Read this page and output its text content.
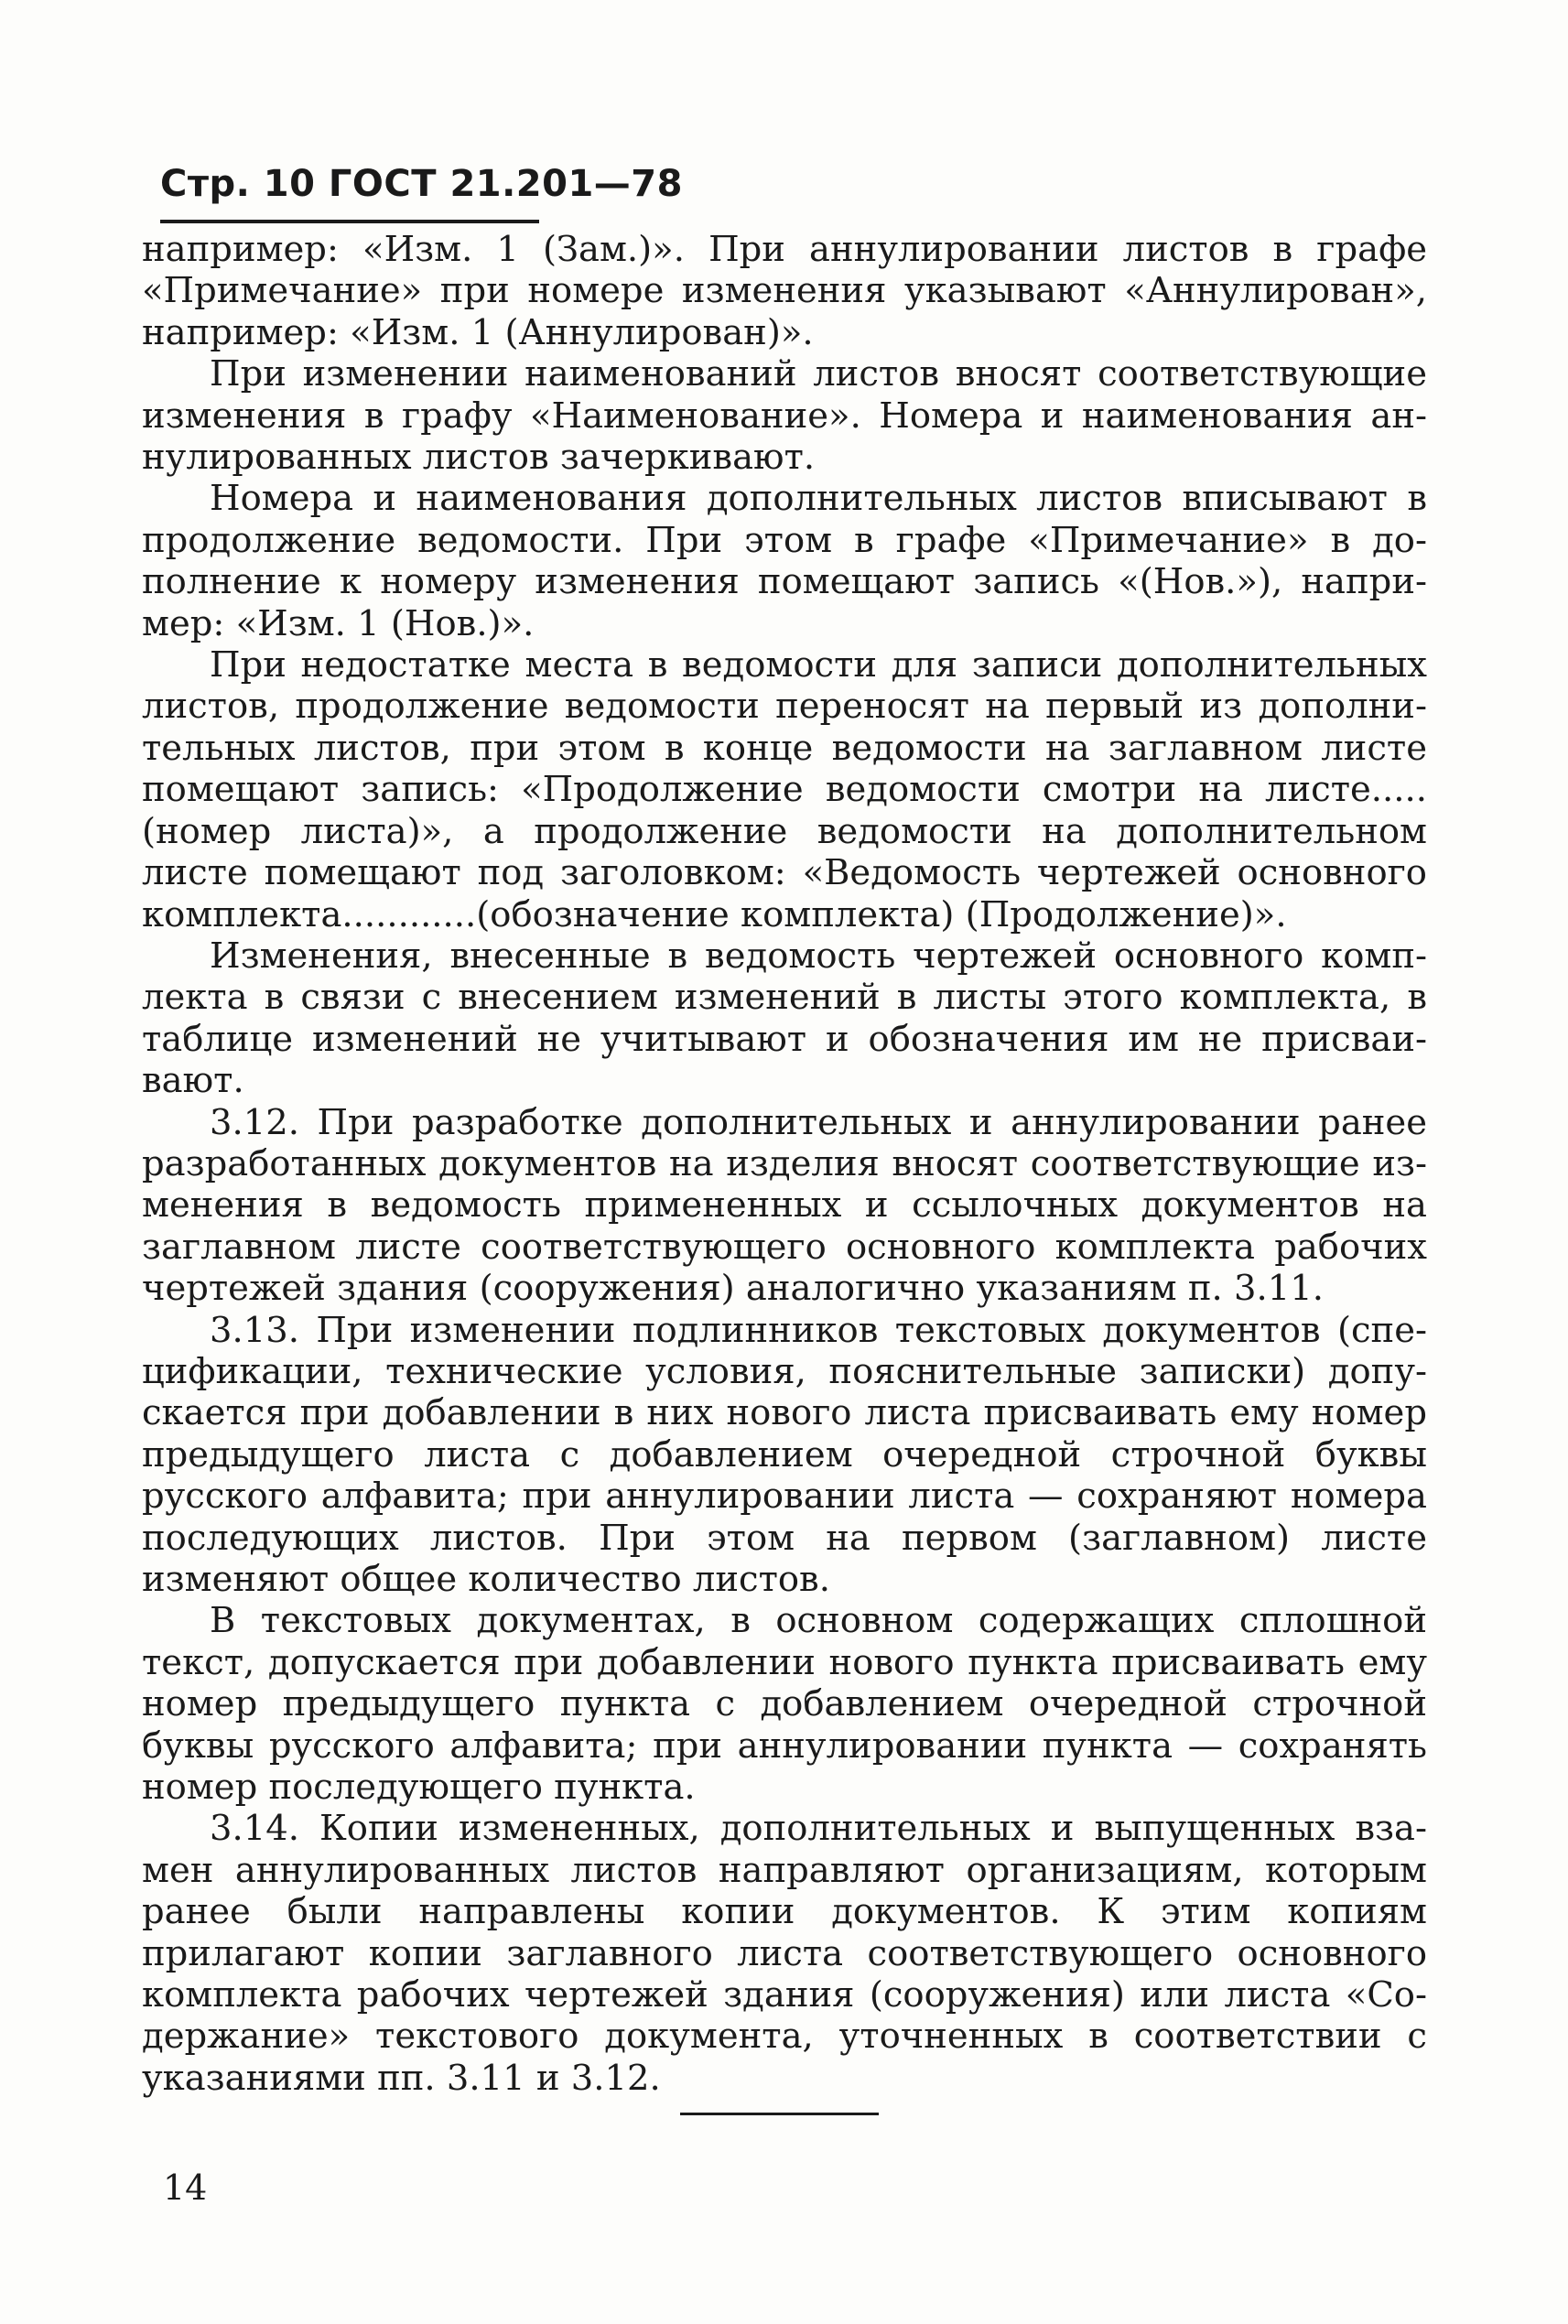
Стр. 10 ГОСТ 21.201—78

например: «Изм. 1 (Зам.)». При аннулировании листов в графе «Примечание» при номере изменения указывают «Аннулирован», например: «Изм. 1 (Аннулирован)».

При изменении наименований листов вносят соответствующие изменения в графу «Наименование». Номера и наименования аннулированных листов зачеркивают.

Номера и наименования дополнительных листов вписывают в продолжение ведомости. При этом в графе «Примечание» в дополнение к номеру изменения помещают запись «(Нов.»), например: «Изм. 1 (Нов.)».

При недостатке места в ведомости для записи дополнительных листов, продолжение ведомости переносят на первый из дополнительных листов, при этом в конце ведомости на заглавном листе помещают запись: «Продолжение ведомости смотри на листе..... (номер листа)», а продолжение ведомости на дополнительном листе помещают под заголовком: «Ведомость чертежей основного комплекта............(обозначение комплекта) (Продолжение)».

Изменения, внесенные в ведомость чертежей основного комплекта в связи с внесением изменений в листы этого комплекта, в таблице изменений не учитывают и обозначения им не присваивают.

3.12. При разработке дополнительных и аннулировании ранее разработанных документов на изделия вносят соответствующие изменения в ведомость примененных и ссылочных документов на заглавном листе соответствующего основного комплекта рабочих чертежей здания (сооружения) аналогично указаниям п. 3.11.

3.13. При изменении подлинников текстовых документов (спецификации, технические условия, пояснительные записки) допускается при добавлении в них нового листа присваивать ему номер предыдущего листа с добавлением очередной строчной буквы русского алфавита; при аннулировании листа — сохраняют номера последующих листов. При этом на первом (заглавном) листе изменяют общее количество листов.

В текстовых документах, в основном содержащих сплошной текст, допускается при добавлении нового пункта присваивать ему номер предыдущего пункта с добавлением очередной строчной буквы русского алфавита; при аннулировании пункта — сохранять номер последующего пункта.

3.14. Копии измененных, дополнительных и выпущенных взамен аннулированных листов направляют организациям, которым ранее были направлены копии документов. К этим копиям прилагают копии заглавного листа соответствующего основного комплекта рабочих чертежей здания (сооружения) или листа «Содержание» текстового документа, уточненных в соответствии с указаниями пп. 3.11 и 3.12.

14
